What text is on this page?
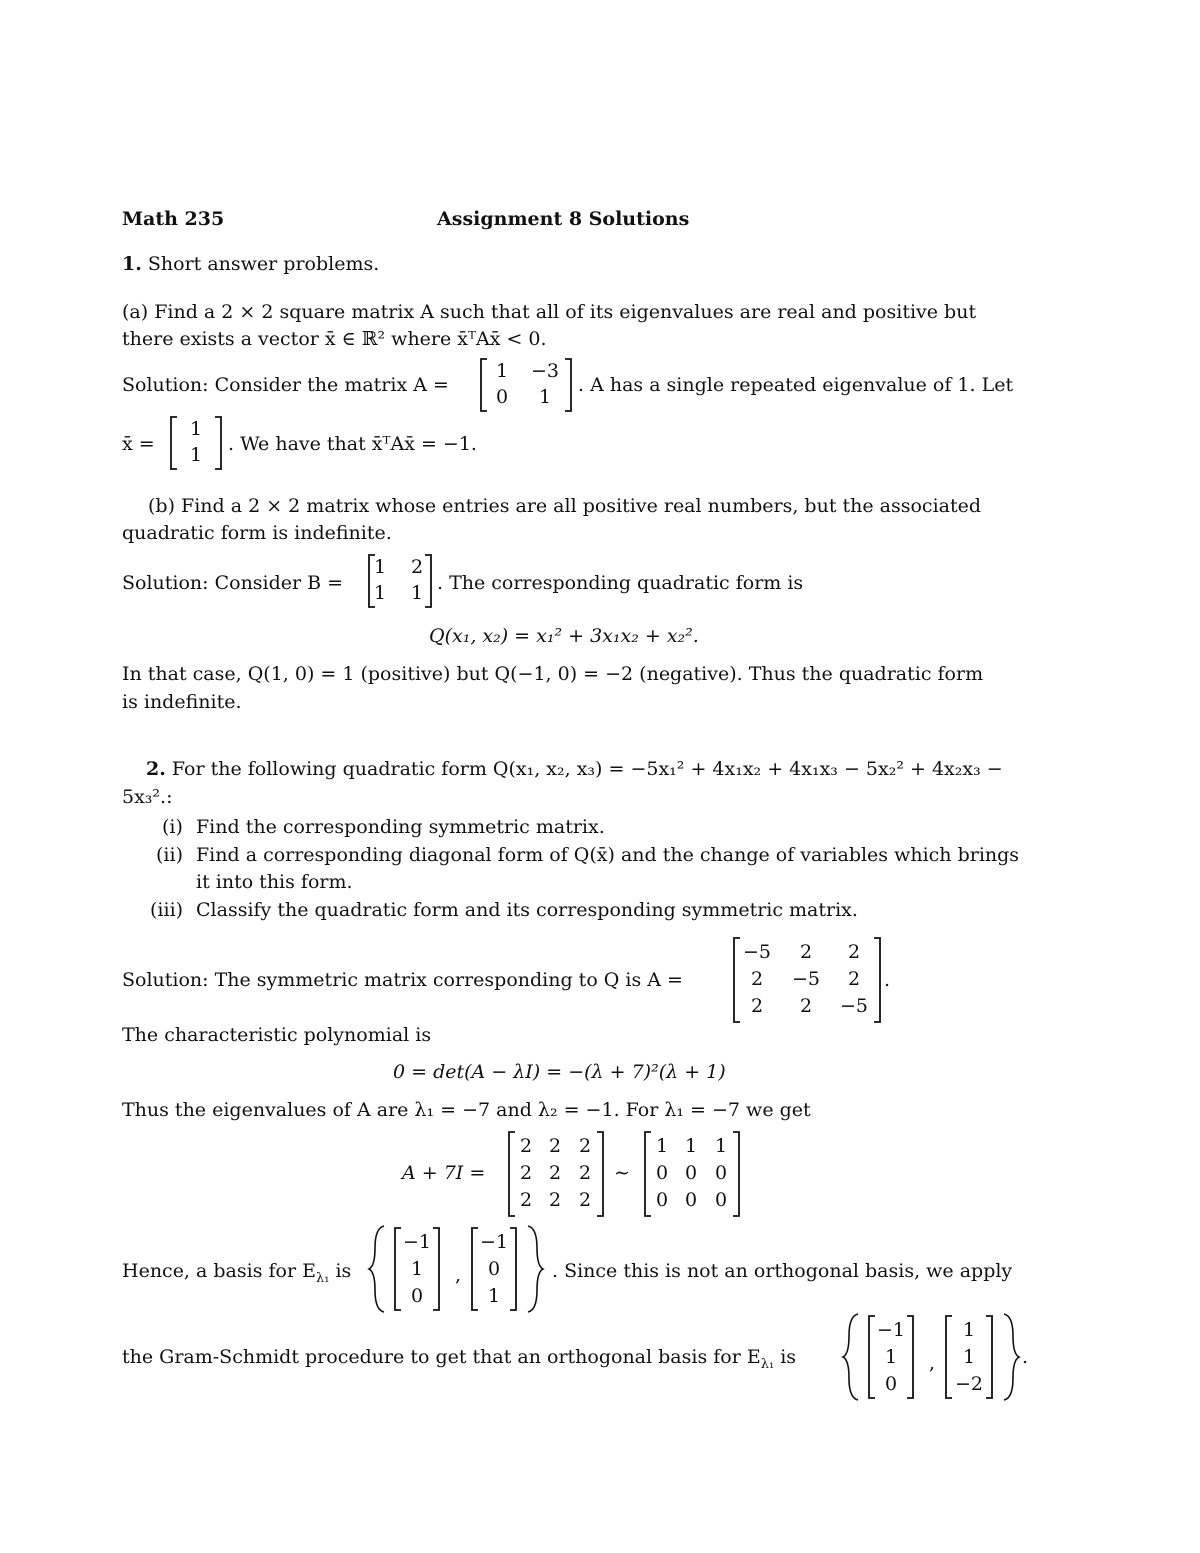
Math 235	Assignment 8 Solutions
1. Short answer problems.
(a) Find a 2 × 2 square matrix A such that all of its eigenvalues are real and positive but
there exists a vector x̄ ∈ ℝ² where x̄ᵀAx̄ < 0.
Solution: Consider the matrix A =
1	−3
0	1
. A has a single repeated eigenvalue of 1. Let
x̄ =
1
1	. We have that x̄ᵀAx̄ = −1.
(b) Find a 2 × 2 matrix whose entries are all positive real numbers, but the associated
quadratic form is indefinite.
Solution: Consider B =
1	2
1	1 . The corresponding quadratic form is
Q(x₁, x₂) = x₁² + 3x₁x₂ + x₂².
In that case, Q(1, 0) = 1 (positive) but Q(−1, 0) = −2 (negative). Thus the quadratic form
is indefinite.
2. For the following quadratic form Q(x₁, x₂, x₃) = −5x₁² + 4x₁x₂ + 4x₁x₃ − 5x₂² + 4x₂x₃ −
5x₃².:
(i) Find the corresponding symmetric matrix.
(ii) Find a corresponding diagonal form of Q(x̄) and the change of variables which brings
it into this form.
(iii) Classify the quadratic form and its corresponding symmetric matrix.
Solution: The symmetric matrix corresponding to Q is A =
−5	2	2
2	−5	2
2	2	−5
.
The characteristic polynomial is
0 = det(A − λI) = −(λ + 7)²(λ + 1)
Thus the eigenvalues of A are λ₁ = −7 and λ₂ = −1. For λ₁ = −7 we get
A + 7I =
2 2 2
2 2 2
2 2 2
∼
1 1 1
0 0 0
0 0 0
Hence, a basis for $E_{\lambda_1}$ is
−1
1
0
,
−1
0
1
. Since this is not an orthogonal basis, we apply
the Gram-Schmidt procedure to get that an orthogonal basis for $E_{\lambda_1}$ is
−1
1
0
,
1
1
−2
.
